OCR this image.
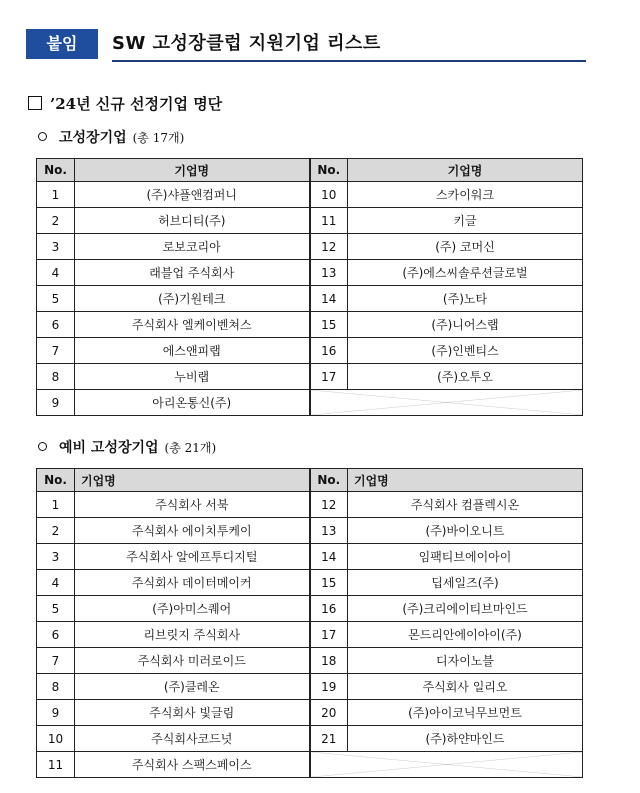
붙임	SW 고성장클럽 지원기업 리스트
’24년 신규 선정기업 명단
고성장기업 (총 17개)
No.	기업명	No.	기업명
1	(주)샤플앤컴퍼니	10	스카이워크
2	허브디티(주)	11	키글
3	로보코리아	12	(주) 코머신
4	래블업 주식회사	13	(주)에스씨솔루션글로벌
5	(주)기원테크	14	(주)노타
6	주식회사 엘케이벤쳐스	15	(주)니어스랩
7	에스앤피랩	16	(주)인벤티스
8	누비랩	17	(주)오투오
9	아리온통신(주)	
예비 고성장기업 (총 21개)
No.	기업명	No.	기업명
1	주식회사 서북	12	주식회사 컴플렉시온
2	주식회사 에이치투케이	13	(주)바이오니트
3	주식회사 알에프투디지털	14	임팩티브에이아이
4	주식회사 데이터메이커	15	딥세일즈(주)
5	(주)아미스퀘어	16	(주)크리에이티브마인드
6	리브릿지 주식회사	17	몬드리안에이아이(주)
7	주식회사 미러로이드	18	디자이노블
8	(주)클레온	19	주식회사 일리오
9	주식회사 빛글림	20	(주)아이코닉무브먼트
10	주식회사코드넛	21	(주)하얀마인드
11	주식회사 스팩스페이스	
